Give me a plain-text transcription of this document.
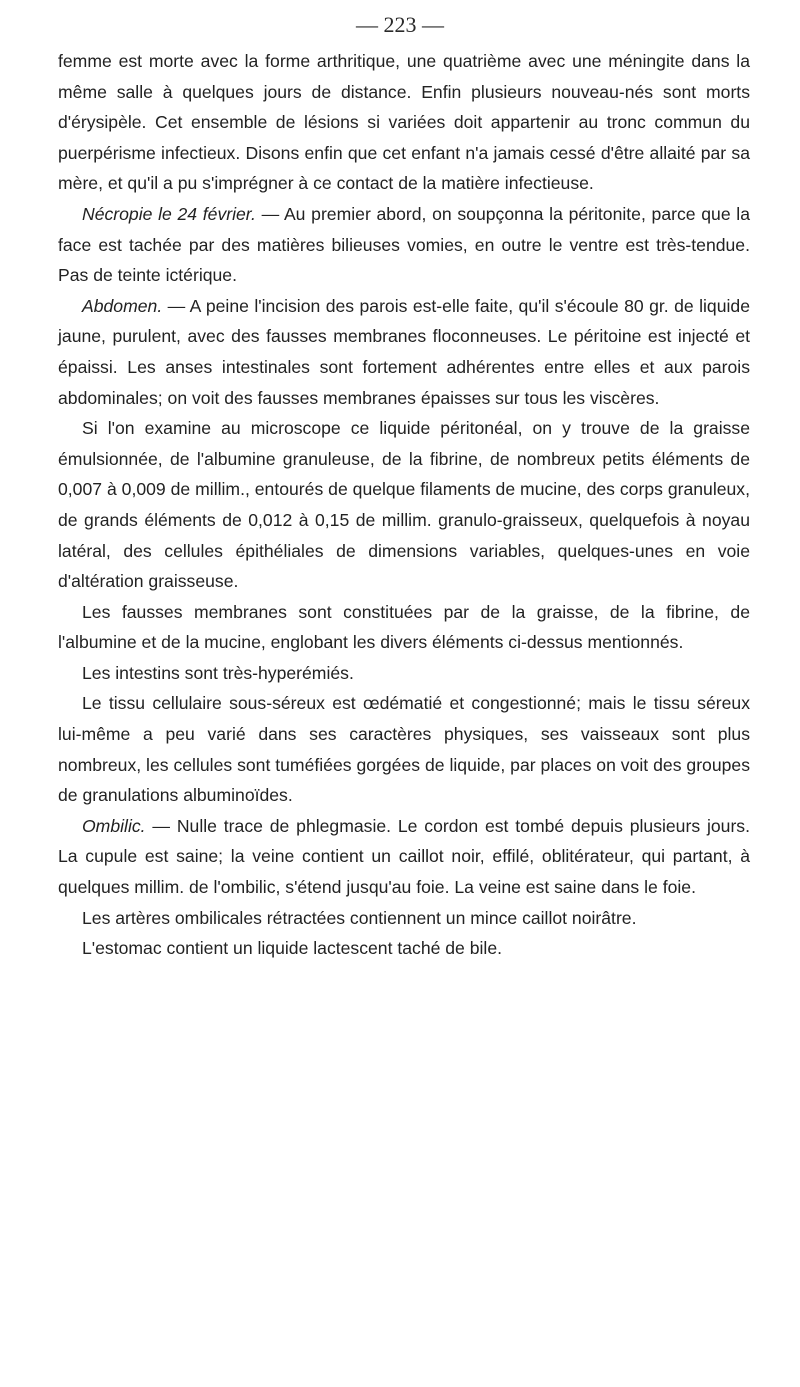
— 223 —

femme est morte avec la forme arthritique, une quatrième avec une méningite dans la même salle à quelques jours de distance. Enfin plusieurs nouveau-nés sont morts d'érysipèle. Cet ensemble de lésions si variées doit appartenir au tronc commun du puerpérisme infectieux. Disons enfin que cet enfant n'a jamais cessé d'être allaité par sa mère, et qu'il a pu s'imprégner à ce contact de la matière infectieuse.

Nécropie le 24 février. — Au premier abord, on soupçonna la péritonite, parce que la face est tachée par des matières bilieuses vomies, en outre le ventre est très-tendue. Pas de teinte ictérique.

Abdomen. — A peine l'incision des parois est-elle faite, qu'il s'écoule 80 gr. de liquide jaune, purulent, avec des fausses membranes floconneuses. Le péritoine est injecté et épaissi. Les anses intestinales sont fortement adhérentes entre elles et aux parois abdominales; on voit des fausses membranes épaisses sur tous les viscères.

Si l'on examine au microscope ce liquide péritonéal, on y trouve de la graisse émulsionnée, de l'albumine granuleuse, de la fibrine, de nombreux petits éléments de 0,007 à 0,009 de millim., entourés de quelque filaments de mucine, des corps granuleux, de grands éléments de 0,012 à 0,15 de millim. granulo-graisseux, quelquefois à noyau latéral, des cellules épithéliales de dimensions variables, quelques-unes en voie d'altération graisseuse.

Les fausses membranes sont constituées par de la graisse, de la fibrine, de l'albumine et de la mucine, englobant les divers éléments ci-dessus mentionnés.

Les intestins sont très-hyperémiés.

Le tissu cellulaire sous-séreux est œdématié et congestionné; mais le tissu séreux lui-même a peu varié dans ses caractères physiques, ses vaisseaux sont plus nombreux, les cellules sont tuméfiées gorgées de liquide, par places on voit des groupes de granulations albuminoïdes.

Ombilic. — Nulle trace de phlegmasie. Le cordon est tombé depuis plusieurs jours. La cupule est saine; la veine contient un caillot noir, effilé, oblitérateur, qui partant, à quelques millim. de l'ombilic, s'étend jusqu'au foie. La veine est saine dans le foie.

Les artères ombilicales rétractées contiennent un mince caillot noirâtre.

L'estomac contient un liquide lactescent taché de bile.
